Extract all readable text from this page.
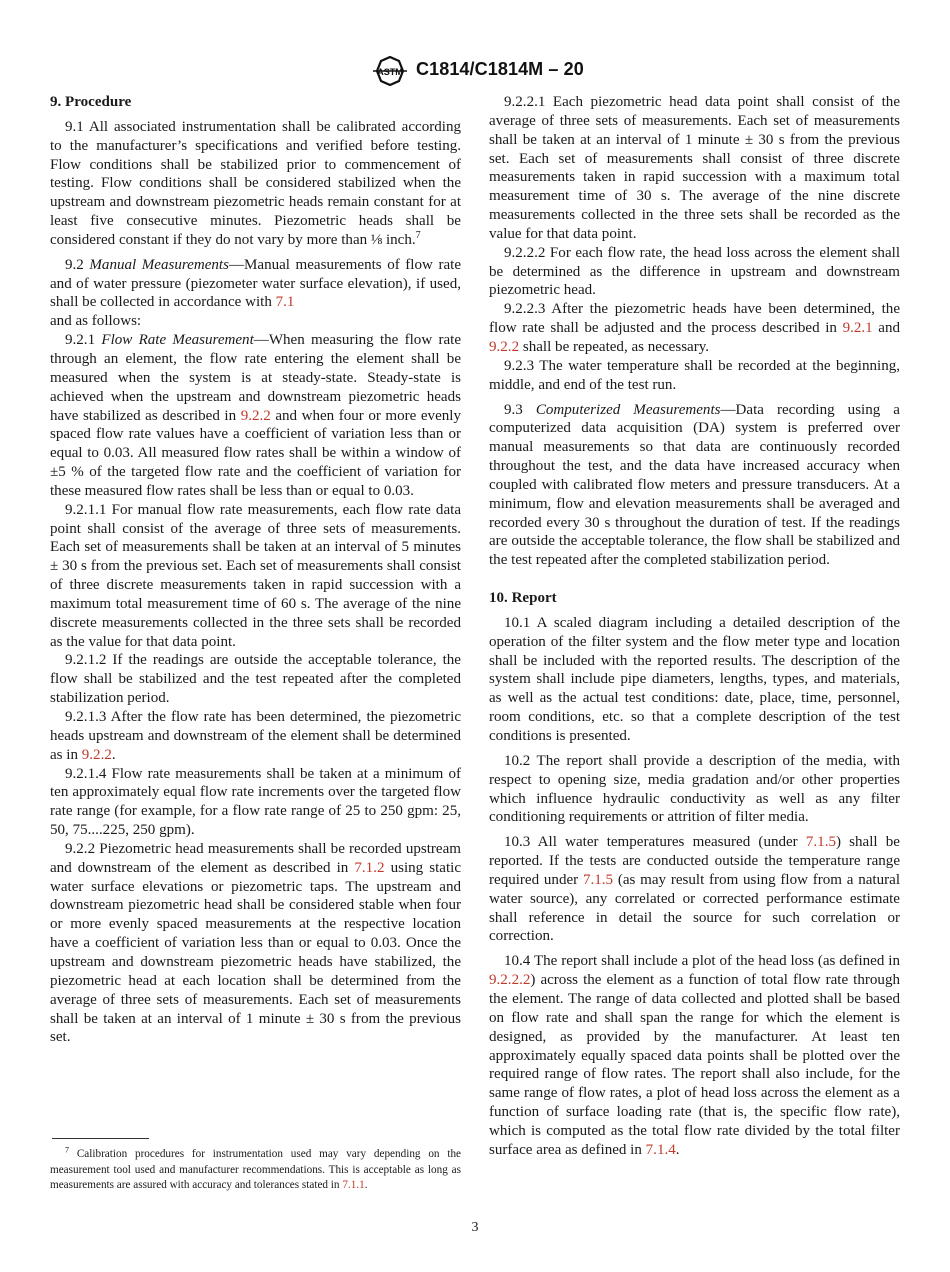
ASTM C1814/C1814M – 20
9. Procedure

9.1 All associated instrumentation shall be calibrated according to the manufacturer’s specifications and verified before testing. Flow conditions shall be stabilized prior to commencement of testing. Flow conditions shall be considered stabilized when the upstream and downstream piezometric heads remain constant for at least five consecutive minutes. Piezometric heads shall be considered constant if they do not vary by more than ⅛ inch.$^7$

9.2 Manual Measurements—Manual measurements of flow rate and of water pressure (piezometer water surface elevation), if used, shall be collected in accordance with 7.1
and as follows:

9.2.1 Flow Rate Measurement—When measuring the flow rate through an element, the flow rate entering the element shall be measured when the system is at steady-state. Steady-state is achieved when the upstream and downstream piezometric heads have stabilized as described in 9.2.2 and when four or more evenly spaced flow rate values have a coefficient of variation less than or equal to 0.03. All measured flow rates shall be within a window of ±5 % of the targeted flow rate and the coefficient of variation for these measured flow rates shall be less than or equal to 0.03.

9.2.1.1 For manual flow rate measurements, each flow rate data point shall consist of the average of three sets of measurements. Each set of measurements shall be taken at an interval of 5 minutes ± 30 s from the previous set. Each set of measurements shall consist of three discrete measurements taken in rapid succession with a maximum total measurement time of 60 s. The average of the nine discrete measurements collected in the three sets shall be recorded as the value for that data point.

9.2.1.2 If the readings are outside the acceptable tolerance, the flow shall be stabilized and the test repeated after the completed stabilization period.

9.2.1.3 After the flow rate has been determined, the piezometric heads upstream and downstream of the element shall be determined as in 9.2.2.

9.2.1.4 Flow rate measurements shall be taken at a minimum of ten approximately equal flow rate increments over the targeted flow rate range (for example, for a flow rate range of 25 to 250 gpm: 25, 50, 75....225, 250 gpm).

9.2.2 Piezometric head measurements shall be recorded upstream and downstream of the element as described in 7.1.2 using static water surface elevations or piezometric taps. The upstream and downstream piezometric head shall be considered stable when four or more evenly spaced measurements at the respective location have a coefficient of variation less than or equal to 0.03. Once the upstream and downstream piezometric heads have stabilized, the piezometric head at each location shall be determined from the average of three sets of measurements. Each set of measurements shall be taken at an interval of 1 minute ± 30 s from the previous set.

$^7$ Calibration procedures for instrumentation used may vary depending on the measurement tool used and manufacturer recommendations. This is acceptable as long as measurements are assured with accuracy and tolerances stated in 7.1.1.

9.2.2.1 Each piezometric head data point shall consist of the average of three sets of measurements. Each set of measurements shall be taken at an interval of 1 minute ± 30 s from the previous set. Each set of measurements shall consist of three discrete measurements taken in rapid succession with a maximum total measurement time of 30 s. The average of the nine discrete measurements collected in the three sets shall be recorded as the value for that data point.

9.2.2.2 For each flow rate, the head loss across the element shall be determined as the difference in upstream and downstream piezometric head.

9.2.2.3 After the piezometric heads have been determined, the flow rate shall be adjusted and the process described in 9.2.1 and 9.2.2 shall be repeated, as necessary.

9.2.3 The water temperature shall be recorded at the beginning, middle, and end of the test run.

9.3 Computerized Measurements—Data recording using a computerized data acquisition (DA) system is preferred over manual measurements so that data are continuously recorded throughout the test, and the data have increased accuracy when coupled with calibrated flow meters and pressure transducers. At a minimum, flow and elevation measurements shall be averaged and recorded every 30 s throughout the duration of test. If the readings are outside the acceptable tolerance, the flow shall be stabilized and the test repeated after the completed stabilization period.

10. Report

10.1 A scaled diagram including a detailed description of the operation of the filter system and the flow meter type and location shall be included with the reported results. The description of the system shall include pipe diameters, lengths, types, and materials, as well as the actual test conditions: date, place, time, personnel, room conditions, etc. so that a complete description of the test conditions is presented.

10.2 The report shall provide a description of the media, with respect to opening size, media gradation and/or other properties which influence hydraulic conductivity as well as any filter conditioning requirements or attrition of filter media.

10.3 All water temperatures measured (under 7.1.5) shall be reported. If the tests are conducted outside the temperature range required under 7.1.5 (as may result from using flow from a natural water source), any correlated or corrected performance estimate shall reference in detail the source for such correlation or correction.

10.4 The report shall include a plot of the head loss (as defined in 9.2.2.2) across the element as a function of total flow rate through the element. The range of data collected and plotted shall be based on flow rate and shall span the range for which the element is designed, as provided by the manufacturer. At least ten approximately equally spaced data points shall be plotted over the required range of flow rates. The report shall also include, for the same range of flow rates, a plot of head loss across the element as a function of surface loading rate (that is, the specific flow rate), which is computed as the total flow rate divided by the total filter surface area as defined in 7.1.4.

3
